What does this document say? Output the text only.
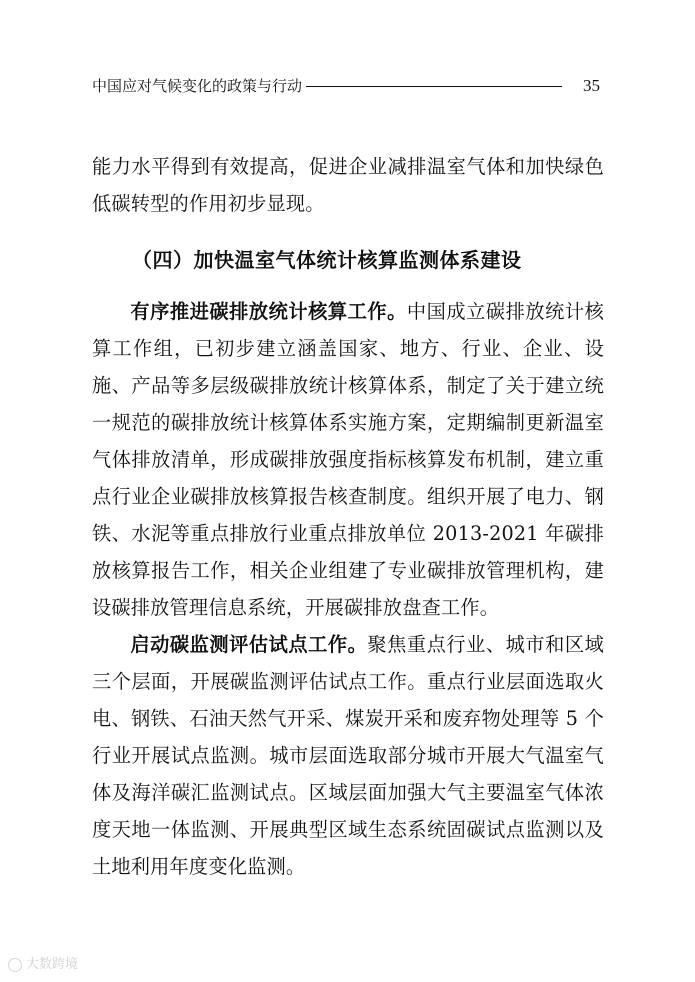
中国应对气候变化的政策与行动	35

能力水平得到有效提高，促进企业减排温室气体和加快绿色低碳转型的作用初步显现。

（四）加快温室气体统计核算监测体系建设

有序推进碳排放统计核算工作。中国成立碳排放统计核算工作组，已初步建立涵盖国家、地方、行业、企业、设施、产品等多层级碳排放统计核算体系，制定了关于建立统一规范的碳排放统计核算体系实施方案，定期编制更新温室气体排放清单，形成碳排放强度指标核算发布机制，建立重点行业企业碳排放核算报告核查制度。组织开展了电力、钢铁、水泥等重点排放行业重点排放单位 2013-2021 年碳排放核算报告工作，相关企业组建了专业碳排放管理机构，建设碳排放管理信息系统，开展碳排放盘查工作。

启动碳监测评估试点工作。聚焦重点行业、城市和区域三个层面，开展碳监测评估试点工作。重点行业层面选取火电、钢铁、石油天然气开采、煤炭开采和废弃物处理等 5 个行业开展试点监测。城市层面选取部分城市开展大气温室气体及海洋碳汇监测试点。区域层面加强大气主要温室气体浓度天地一体监测、开展典型区域生态系统固碳试点监测以及土地利用年度变化监测。

大数跨境
